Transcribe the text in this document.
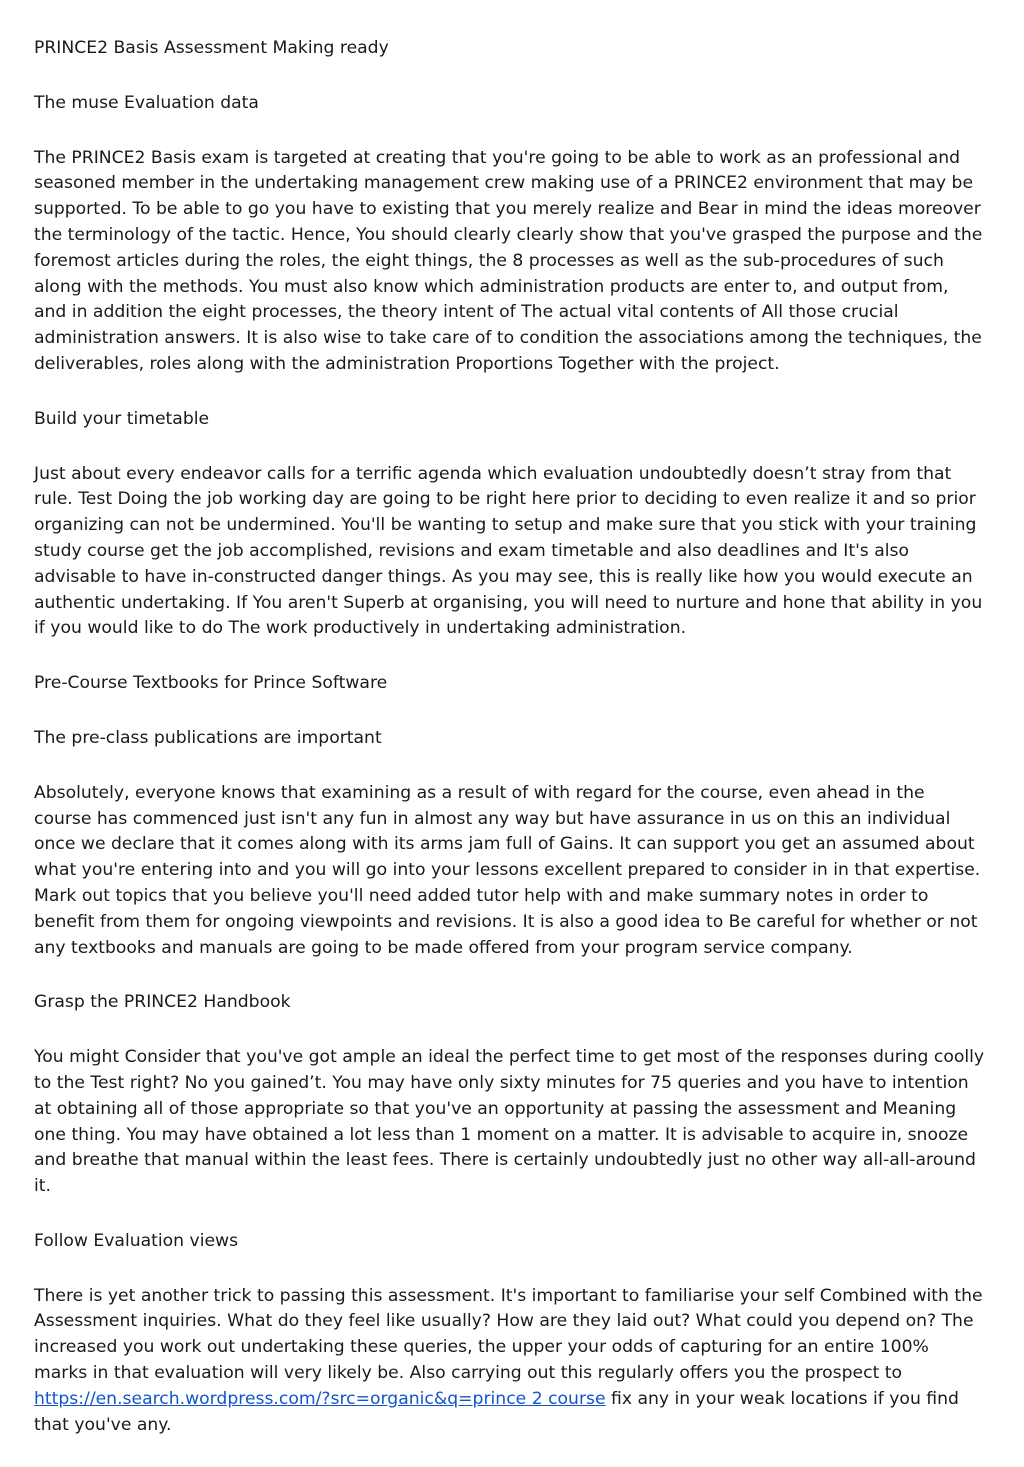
PRINCE2 Basis Assessment Making ready

The muse Evaluation data

The PRINCE2 Basis exam is targeted at creating that you're going to be able to work as an professional and seasoned member in the undertaking management crew making use of a PRINCE2 environment that may be supported. To be able to go you have to existing that you merely realize and Bear in mind the ideas moreover the terminology of the tactic. Hence, You should clearly clearly show that you've grasped the purpose and the foremost articles during the roles, the eight things, the 8 processes as well as the sub-procedures of such along with the methods. You must also know which administration products are enter to, and output from, and in addition the eight processes, the theory intent of The actual vital contents of All those crucial administration answers. It is also wise to take care of to condition the associations among the techniques, the deliverables, roles along with the administration Proportions Together with the project.

Build your timetable

Just about every endeavor calls for a terrific agenda which evaluation undoubtedly doesn’t stray from that rule. Test Doing the job working day are going to be right here prior to deciding to even realize it and so prior organizing can not be undermined. You'll be wanting to setup and make sure that you stick with your training study course get the job accomplished, revisions and exam timetable and also deadlines and It's also advisable to have in-constructed danger things. As you may see, this is really like how you would execute an authentic undertaking. If You aren't Superb at organising, you will need to nurture and hone that ability in you if you would like to do The work productively in undertaking administration.

Pre-Course Textbooks for Prince Software

The pre-class publications are important

Absolutely, everyone knows that examining as a result of with regard for the course, even ahead in the course has commenced just isn't any fun in almost any way but have assurance in us on this an individual once we declare that it comes along with its arms jam full of Gains. It can support you get an assumed about what you're entering into and you will go into your lessons excellent prepared to consider in in that expertise. Mark out topics that you believe you'll need added tutor help with and make summary notes in order to benefit from them for ongoing viewpoints and revisions. It is also a good idea to Be careful for whether or not any textbooks and manuals are going to be made offered from your program service company.

Grasp the PRINCE2 Handbook

You might Consider that you've got ample an ideal the perfect time to get most of the responses during coolly to the Test right? No you gained’t. You may have only sixty minutes for 75 queries and you have to intention at obtaining all of those appropriate so that you've an opportunity at passing the assessment and Meaning one thing. You may have obtained a lot less than 1 moment on a matter. It is advisable to acquire in, snooze and breathe that manual within the least fees. There is certainly undoubtedly just no other way all-all-around it.

Follow Evaluation views

There is yet another trick to passing this assessment. It's important to familiarise your self Combined with the Assessment inquiries. What do they feel like usually? How are they laid out? What could you depend on? The increased you work out undertaking these queries, the upper your odds of capturing for an entire 100% marks in that evaluation will very likely be. Also carrying out this regularly offers you the prospect to https://en.search.wordpress.com/?src=organic&q=prince 2 course fix any in your weak locations if you find that you've any.
